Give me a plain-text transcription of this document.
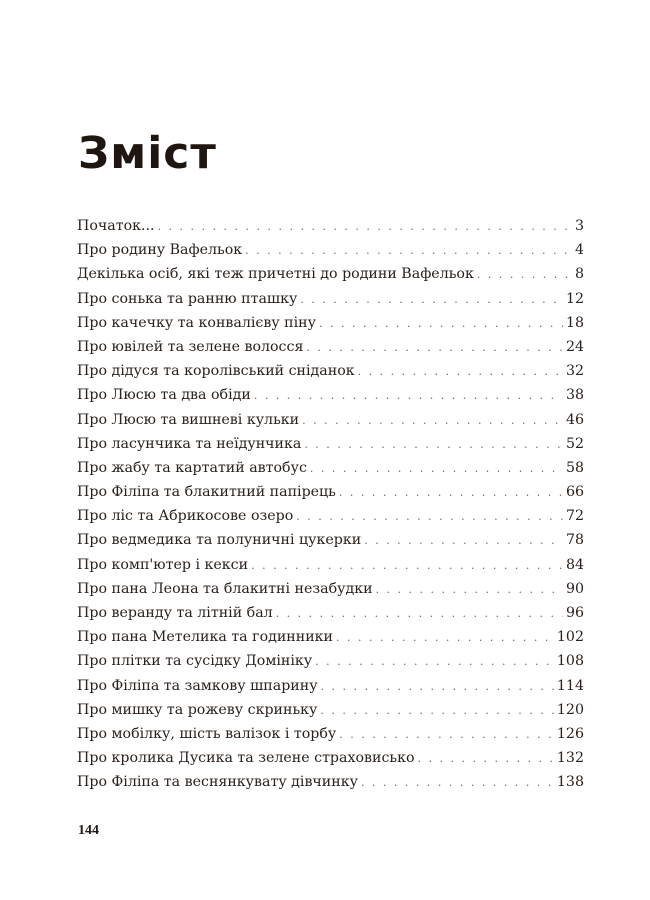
Зміст
Початок... . . .	3
Про родину Вафельок . . .	4
Декілька осіб, які теж причетні до родини Вафельок . . .	8
Про сонька та ранню пташку . . .	12
Про качечку та конвалієву піну . . .	18
Про ювілей та зелене волосся . . .	24
Про дідуся та королівський сніданок . . .	32
Про Люсю та два обіди . . .	38
Про Люсю та вишневі кульки . . .	46
Про ласунчика та неїдунчика . . .	52
Про жабу та картатий автобус . . .	58
Про Філіпа та блакитний папірець . . .	66
Про ліс та Абрикосове озеро . . .	72
Про ведмедика та полуничні цукерки . . .	78
Про комп'ютер і кекси . . .	84
Про пана Леона та блакитні незабудки . . .	90
Про веранду та літній бал . . .	96
Про пана Метелика та годинники . . .	102
Про плітки та сусідку Домініку . . .	108
Про Філіпа та замкову шпарину . . .	114
Про мишку та рожеву скриньку . . .	120
Про мобілку, шість валізок і торбу . . .	126
Про кролика Дусика та зелене страховисько . . .	132
Про Філіпа та веснянкувату дівчинку . . .	138
144
